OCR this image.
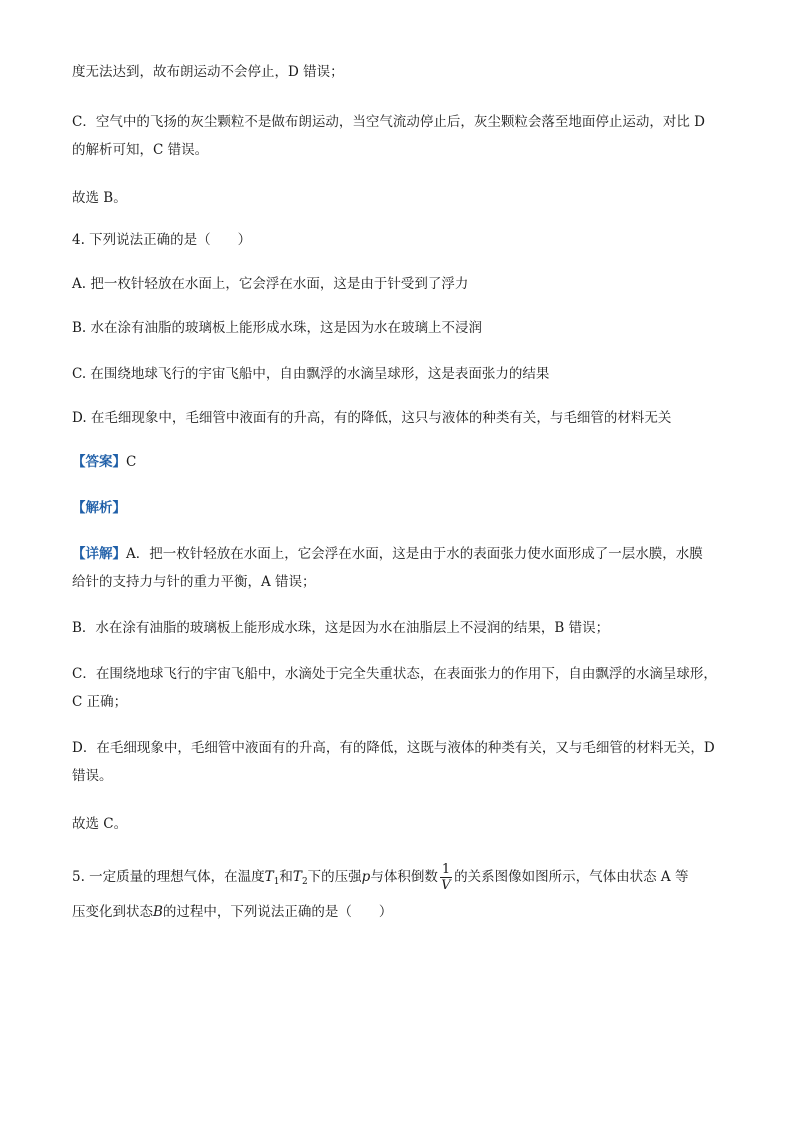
度无法达到，故布朗运动不会停止，D 错误；
C．空气中的飞扬的灰尘颗粒不是做布朗运动，当空气流动停止后，灰尘颗粒会落至地面停止运动，对比 D
的解析可知，C 错误。
故选 B。
4. 下列说法正确的是（　　）
A. 把一枚针轻放在水面上，它会浮在水面，这是由于针受到了浮力
B. 水在涂有油脂的玻璃板上能形成水珠，这是因为水在玻璃上不浸润
C. 在围绕地球飞行的宇宙飞船中，自由飘浮的水滴呈球形，这是表面张力的结果
D. 在毛细现象中，毛细管中液面有的升高，有的降低，这只与液体的种类有关，与毛细管的材料无关
【答案】C
【解析】
【详解】A．把一枚针轻放在水面上，它会浮在水面，这是由于水的表面张力使水面形成了一层水膜，水膜
给针的支持力与针的重力平衡，A 错误；
B．水在涂有油脂的玻璃板上能形成水珠，这是因为水在油脂层上不浸润的结果，B 错误；
C．在围绕地球飞行的宇宙飞船中，水滴处于完全失重状态，在表面张力的作用下，自由飘浮的水滴呈球形，
C 正确；
D．在毛细现象中，毛细管中液面有的升高，有的降低，这既与液体的种类有关，又与毛细管的材料无关，D
错误。
故选 C。
5. 一定质量的理想气体，在温度$T_1$和$T_2$下的压强p与体积倒数 $\frac{1}{V}$ 的关系图像如图所示，气体由状态 A 等
压变化到状态B的过程中，下列说法正确的是（　　）
